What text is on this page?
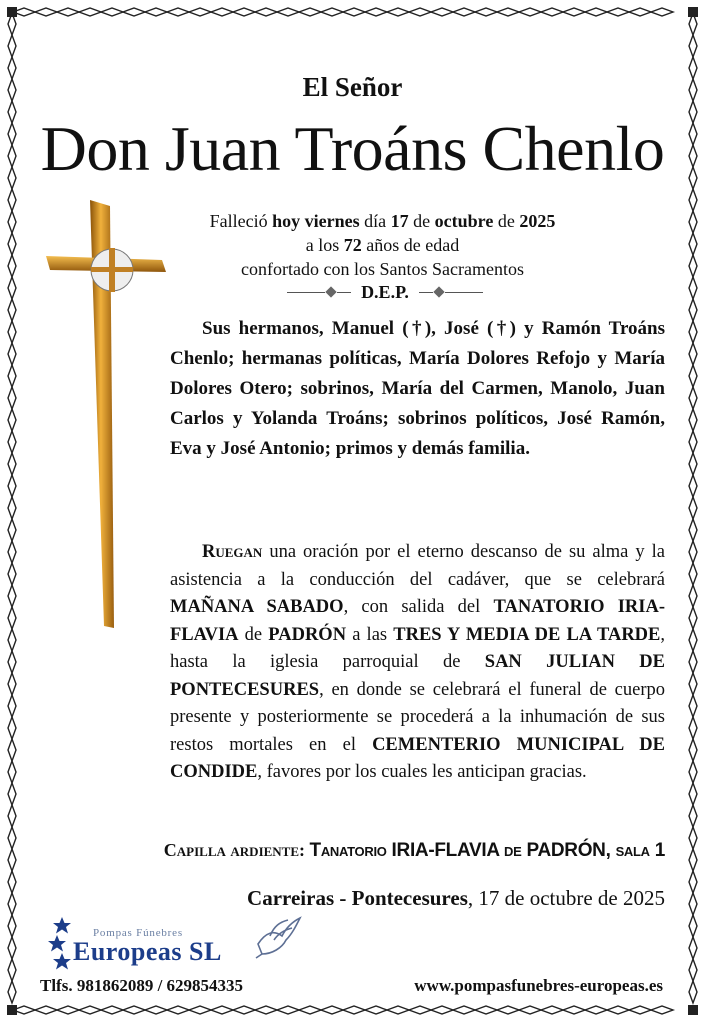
El Señor
Don Juan Troáns Chenlo
Falleció hoy viernes día 17 de octubre de 2025
a los 72 años de edad
confortado con los Santos Sacramentos
D.E.P.
Sus hermanos, Manuel (†), José (†) y Ramón Troáns Chenlo; hermanas políticas, María Dolores Refojo y María Dolores Otero; sobrinos, María del Carmen, Manolo, Juan Carlos y Yolanda Troáns; sobrinos políticos, José Ramón, Eva y José Antonio; primos y demás familia.
Ruegan una oración por el eterno descanso de su alma y la asistencia a la conducción del cadáver, que se celebrará MAÑANA SABADO, con salida del TANATORIO IRIA-FLAVIA de PADRÓN a las TRES Y MEDIA DE LA TARDE, hasta la iglesia parroquial de SAN JULIAN DE PONTECESURES, en donde se celebrará el funeral de cuerpo presente y posteriormente se procederá a la inhumación de sus restos mortales en el CEMENTERIO MUNICIPAL DE CONDIDE, favores por los cuales les anticipan gracias.
Capilla ardiente: Tanatorio IRIA-FLAVIA de PADRÓN, sala 1
Carreiras - Pontecesures, 17 de octubre de 2025
Pompas Fúnebres
Europeas SL
Tlfs. 981862089 / 629854335	www.pompasfunebres-europeas.es
